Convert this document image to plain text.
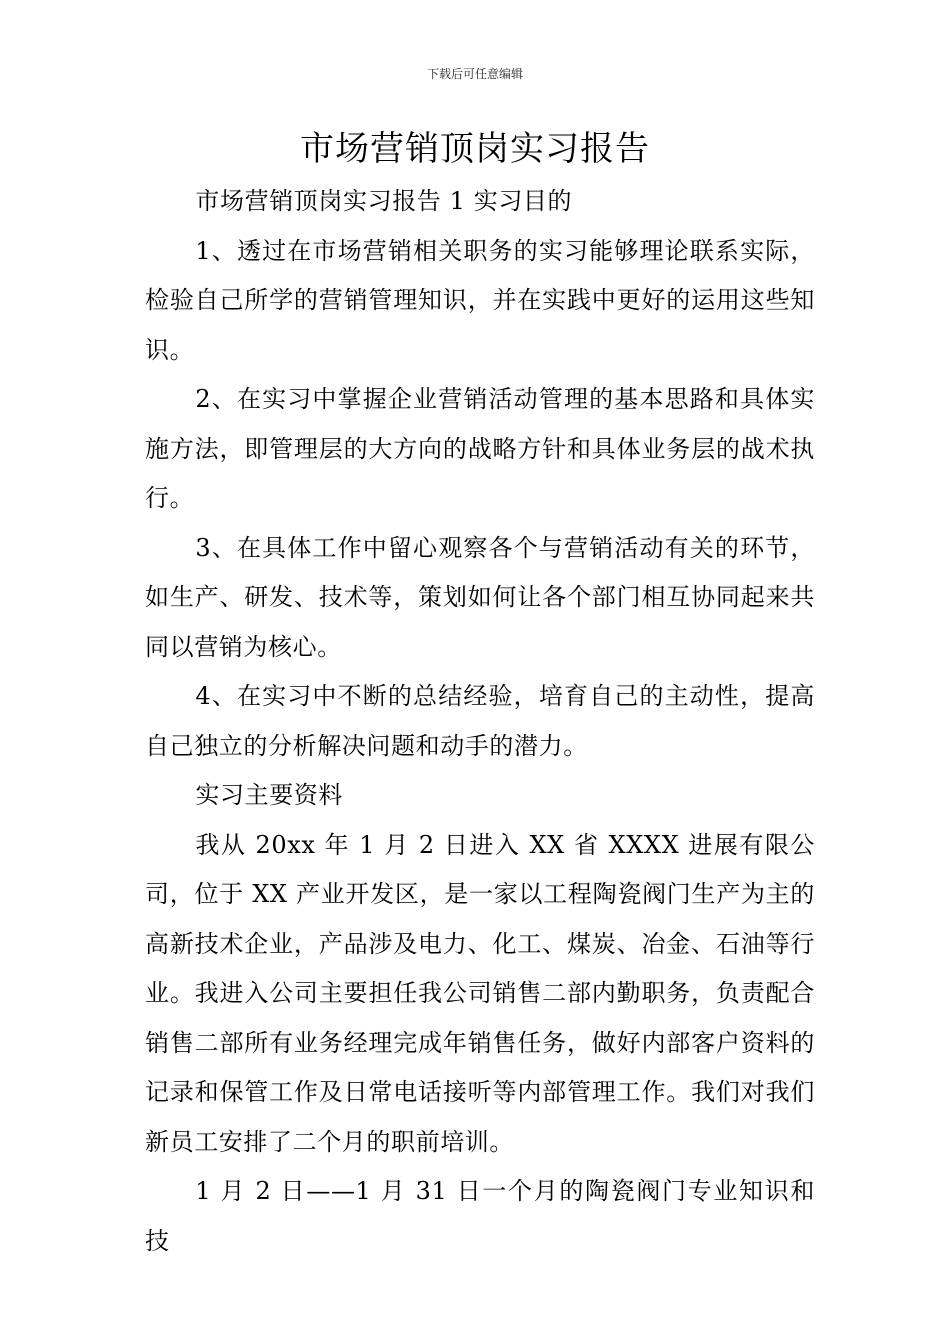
下载后可任意编辑
市场营销顶岗实习报告

市场营销顶岗实习报告 1 实习目的

1、透过在市场营销相关职务的实习能够理论联系实际，检验自己所学的营销管理知识，并在实践中更好的运用这些知识。

2、在实习中掌握企业营销活动管理的基本思路和具体实施方法，即管理层的大方向的战略方针和具体业务层的战术执行。

3、在具体工作中留心观察各个与营销活动有关的环节，如生产、研发、技术等，策划如何让各个部门相互协同起来共同以营销为核心。

4、在实习中不断的总结经验，培育自己的主动性，提高自己独立的分析解决问题和动手的潜力。

实习主要资料

我从 20xx 年 1 月 2 日进入 XX 省 XXXX 进展有限公司，位于 XX 产业开发区，是一家以工程陶瓷阀门生产为主的高新技术企业，产品涉及电力、化工、煤炭、冶金、石油等行业。我进入公司主要担任我公司销售二部内勤职务，负责配合销售二部所有业务经理完成年销售任务，做好内部客户资料的记录和保管工作及日常电话接听等内部管理工作。我们对我们新员工安排了二个月的职前培训。

1 月 2 日——1 月 31 日一个月的陶瓷阀门专业知识和技
